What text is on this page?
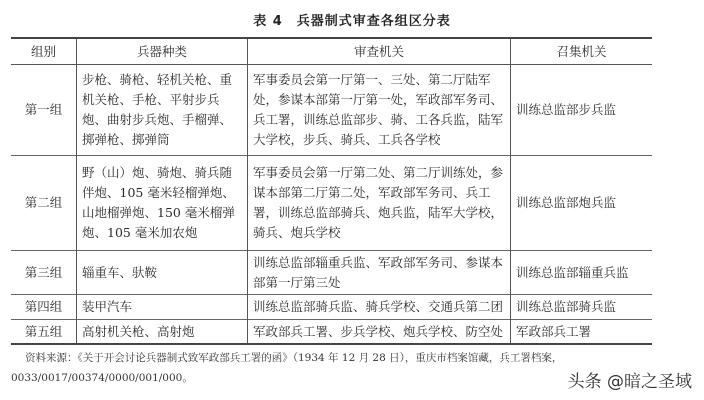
表 4 兵器制式审查各组区分表
组别	兵器种类	审查机关	召集机关
第一组	步枪、骑枪、轻机关枪、重机关枪、手枪、平射步兵炮、曲射步兵炮、手榴弹、掷弹枪、掷弹筒	军事委员会第一厅第一、三处、第二厅陆军处，参谋本部第一厅第一处，军政部军务司、兵工署，训练总监部步、骑、工各兵监，陆军大学校，步兵、骑兵、工兵各学校	训练总监部步兵监
第二组	野（山）炮、骑炮、骑兵随伴炮、105 毫米轻榴弹炮、山地榴弹炮、150 毫米榴弹炮、105 毫米加农炮	军事委员会第一厅第二处、第二厅训练处，参谋本部第二厅第二处，军政部军务司、兵工署，训练总监部骑兵、炮兵监，陆军大学校，骑兵、炮兵学校	训练总监部炮兵监
第三组	辎重车、驮鞍	训练总监部辎重兵监、军政部军务司、参谋本部第一厅第三处	训练总监部辎重兵监
第四组	装甲汽车	训练总监部骑兵监、骑兵学校、交通兵第二团	训练总监部骑兵监
第五组	高射机关枪、高射炮	军政部兵工署、步兵学校、炮兵学校、防空处	军政部兵工署
资料来源：《关于开会讨论兵器制式致军政部兵工署的函》（1934 年 12 月 28 日），重庆市档案馆藏，兵工署档案，0033/0017/00374/0000/001/000。	头条 @暗之圣域
